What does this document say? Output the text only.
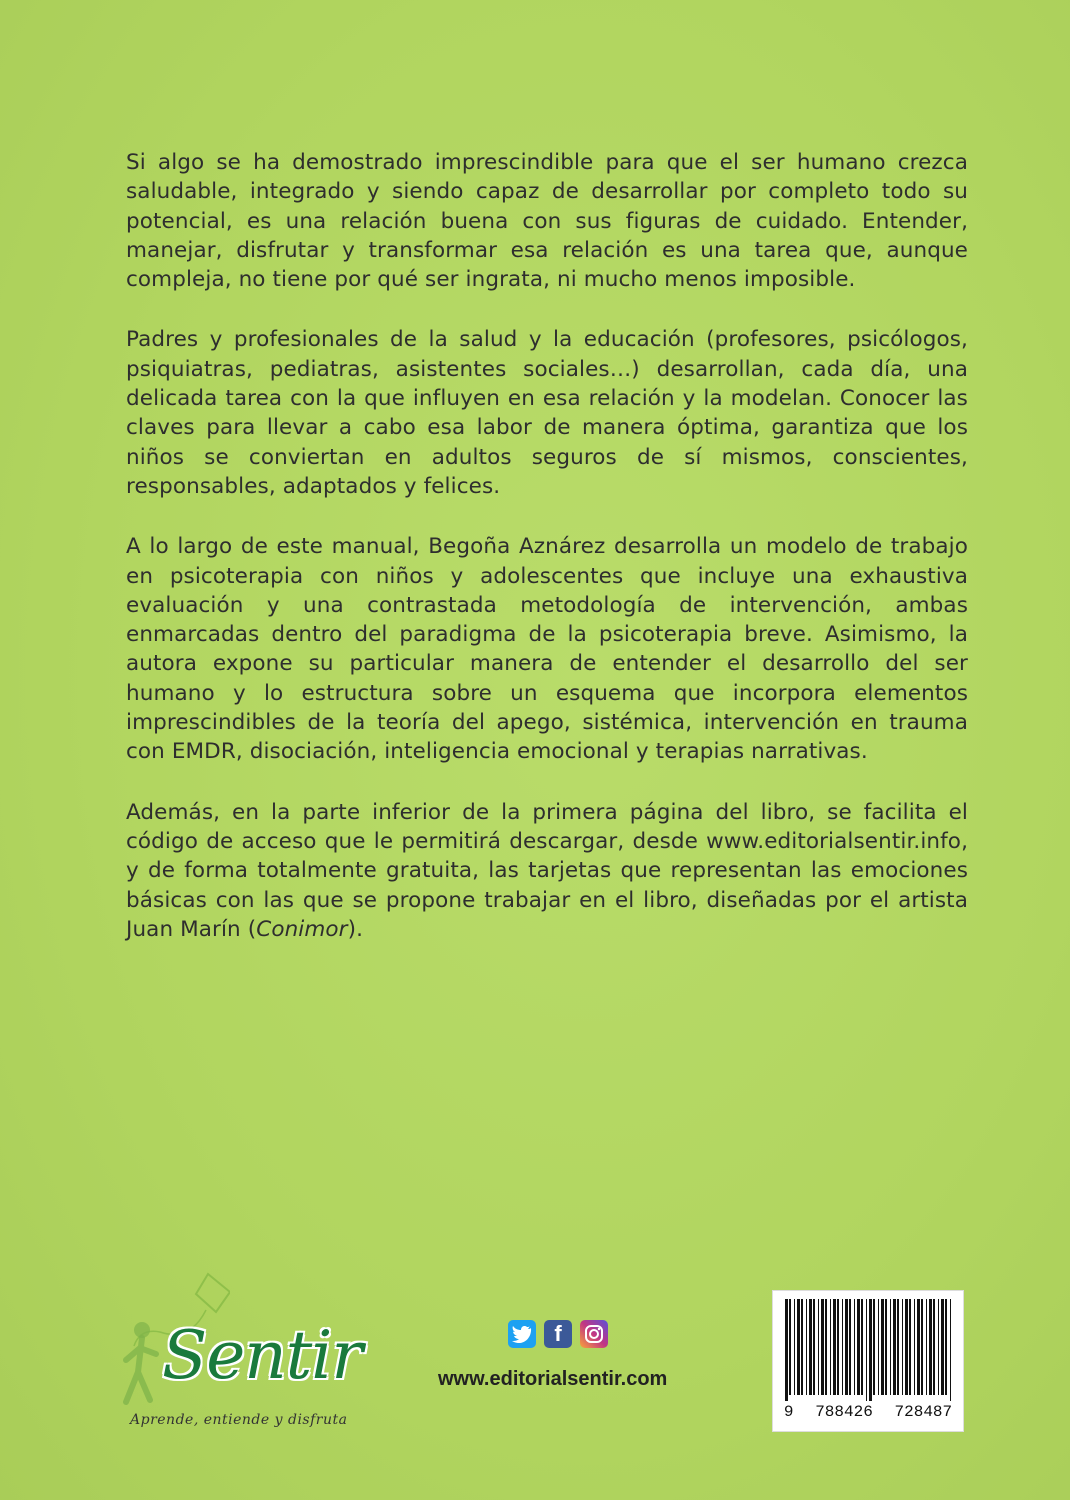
Si algo se ha demostrado imprescindible para que el ser humano crezca saludable, integrado y siendo capaz de desarrollar por completo todo su potencial, es una relación buena con sus figuras de cuidado. Entender, manejar, disfrutar y transformar esa relación es una tarea que, aunque compleja, no tiene por qué ser ingrata, ni mucho menos imposible.

Padres y profesionales de la salud y la educación (profesores, psicólogos, psiquiatras, pediatras, asistentes sociales…) desarrollan, cada día, una delicada tarea con la que influyen en esa relación y la modelan. Conocer las claves para llevar a cabo esa labor de manera óptima, garantiza que los niños se conviertan en adultos seguros de sí mismos, conscientes, responsables, adaptados y felices.

A lo largo de este manual, Begoña Aznárez desarrolla un modelo de trabajo en psicoterapia con niños y adolescentes que incluye una exhaustiva evaluación y una contrastada metodología de intervención, ambas enmarcadas dentro del paradigma de la psicoterapia breve. Asimismo, la autora expone su particular manera de entender el desarrollo del ser humano y lo estructura sobre un esquema que incorpora elementos imprescindibles de la teoría del apego, sistémica, intervención en trauma con EMDR, disociación, inteligencia emocional y terapias narrativas.

Además, en la parte inferior de la primera página del libro, se facilita el código de acceso que le permitirá descargar, desde www.editorialsentir.info, y de forma totalmente gratuita, las tarjetas que representan las emociones básicas con las que se propone trabajar en el libro, diseñadas por el artista Juan Marín (Conimor).

Sentir
Aprende, entiende y disfruta
f
www.editorialsentir.com
9 788426 728487
